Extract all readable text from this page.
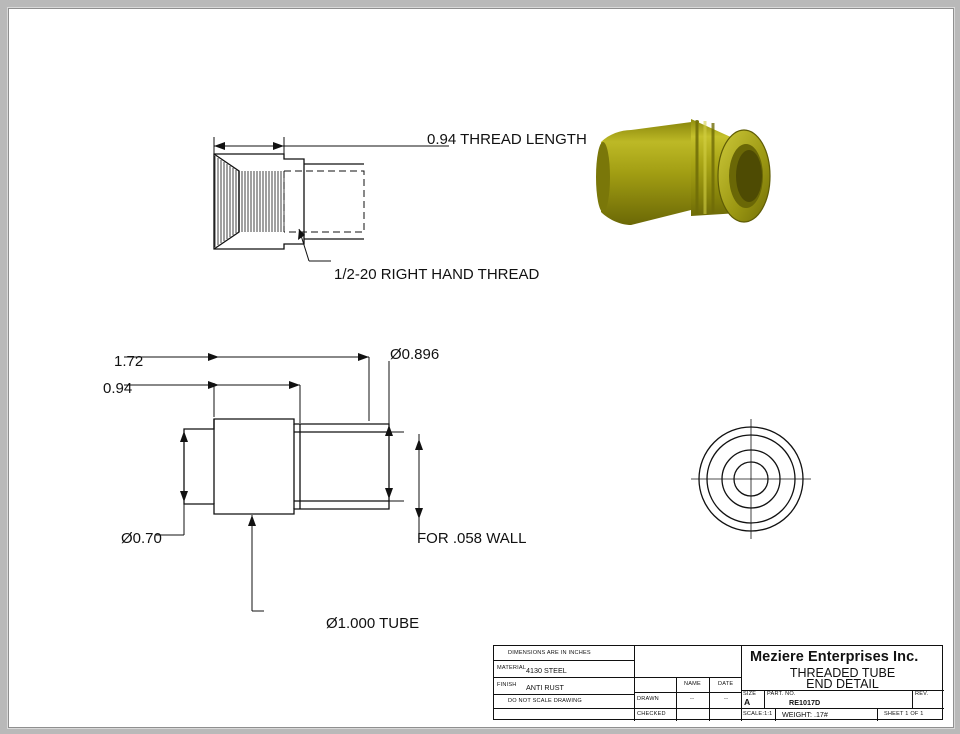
0.94 THREAD LENGTH
1/2-20 RIGHT HAND THREAD
1.72
0.94
Ø0.896
Ø0.70	FOR .058 WALL
Ø1.000 TUBE
DIMENSIONS ARE IN INCHES
MATERIAL 4130 STEEL
FINISH ANTI RUST
DO NOT SCALE DRAWING
NAME	DATE
DRAWN	--	--
CHECKED
Meziere Enterprises Inc.
THREADED TUBE
END DETAIL
SIZE
A
PART. NO.
RE1017D
REV.
SCALE:1:1 WEIGHT: .17#	SHEET 1 OF 1
